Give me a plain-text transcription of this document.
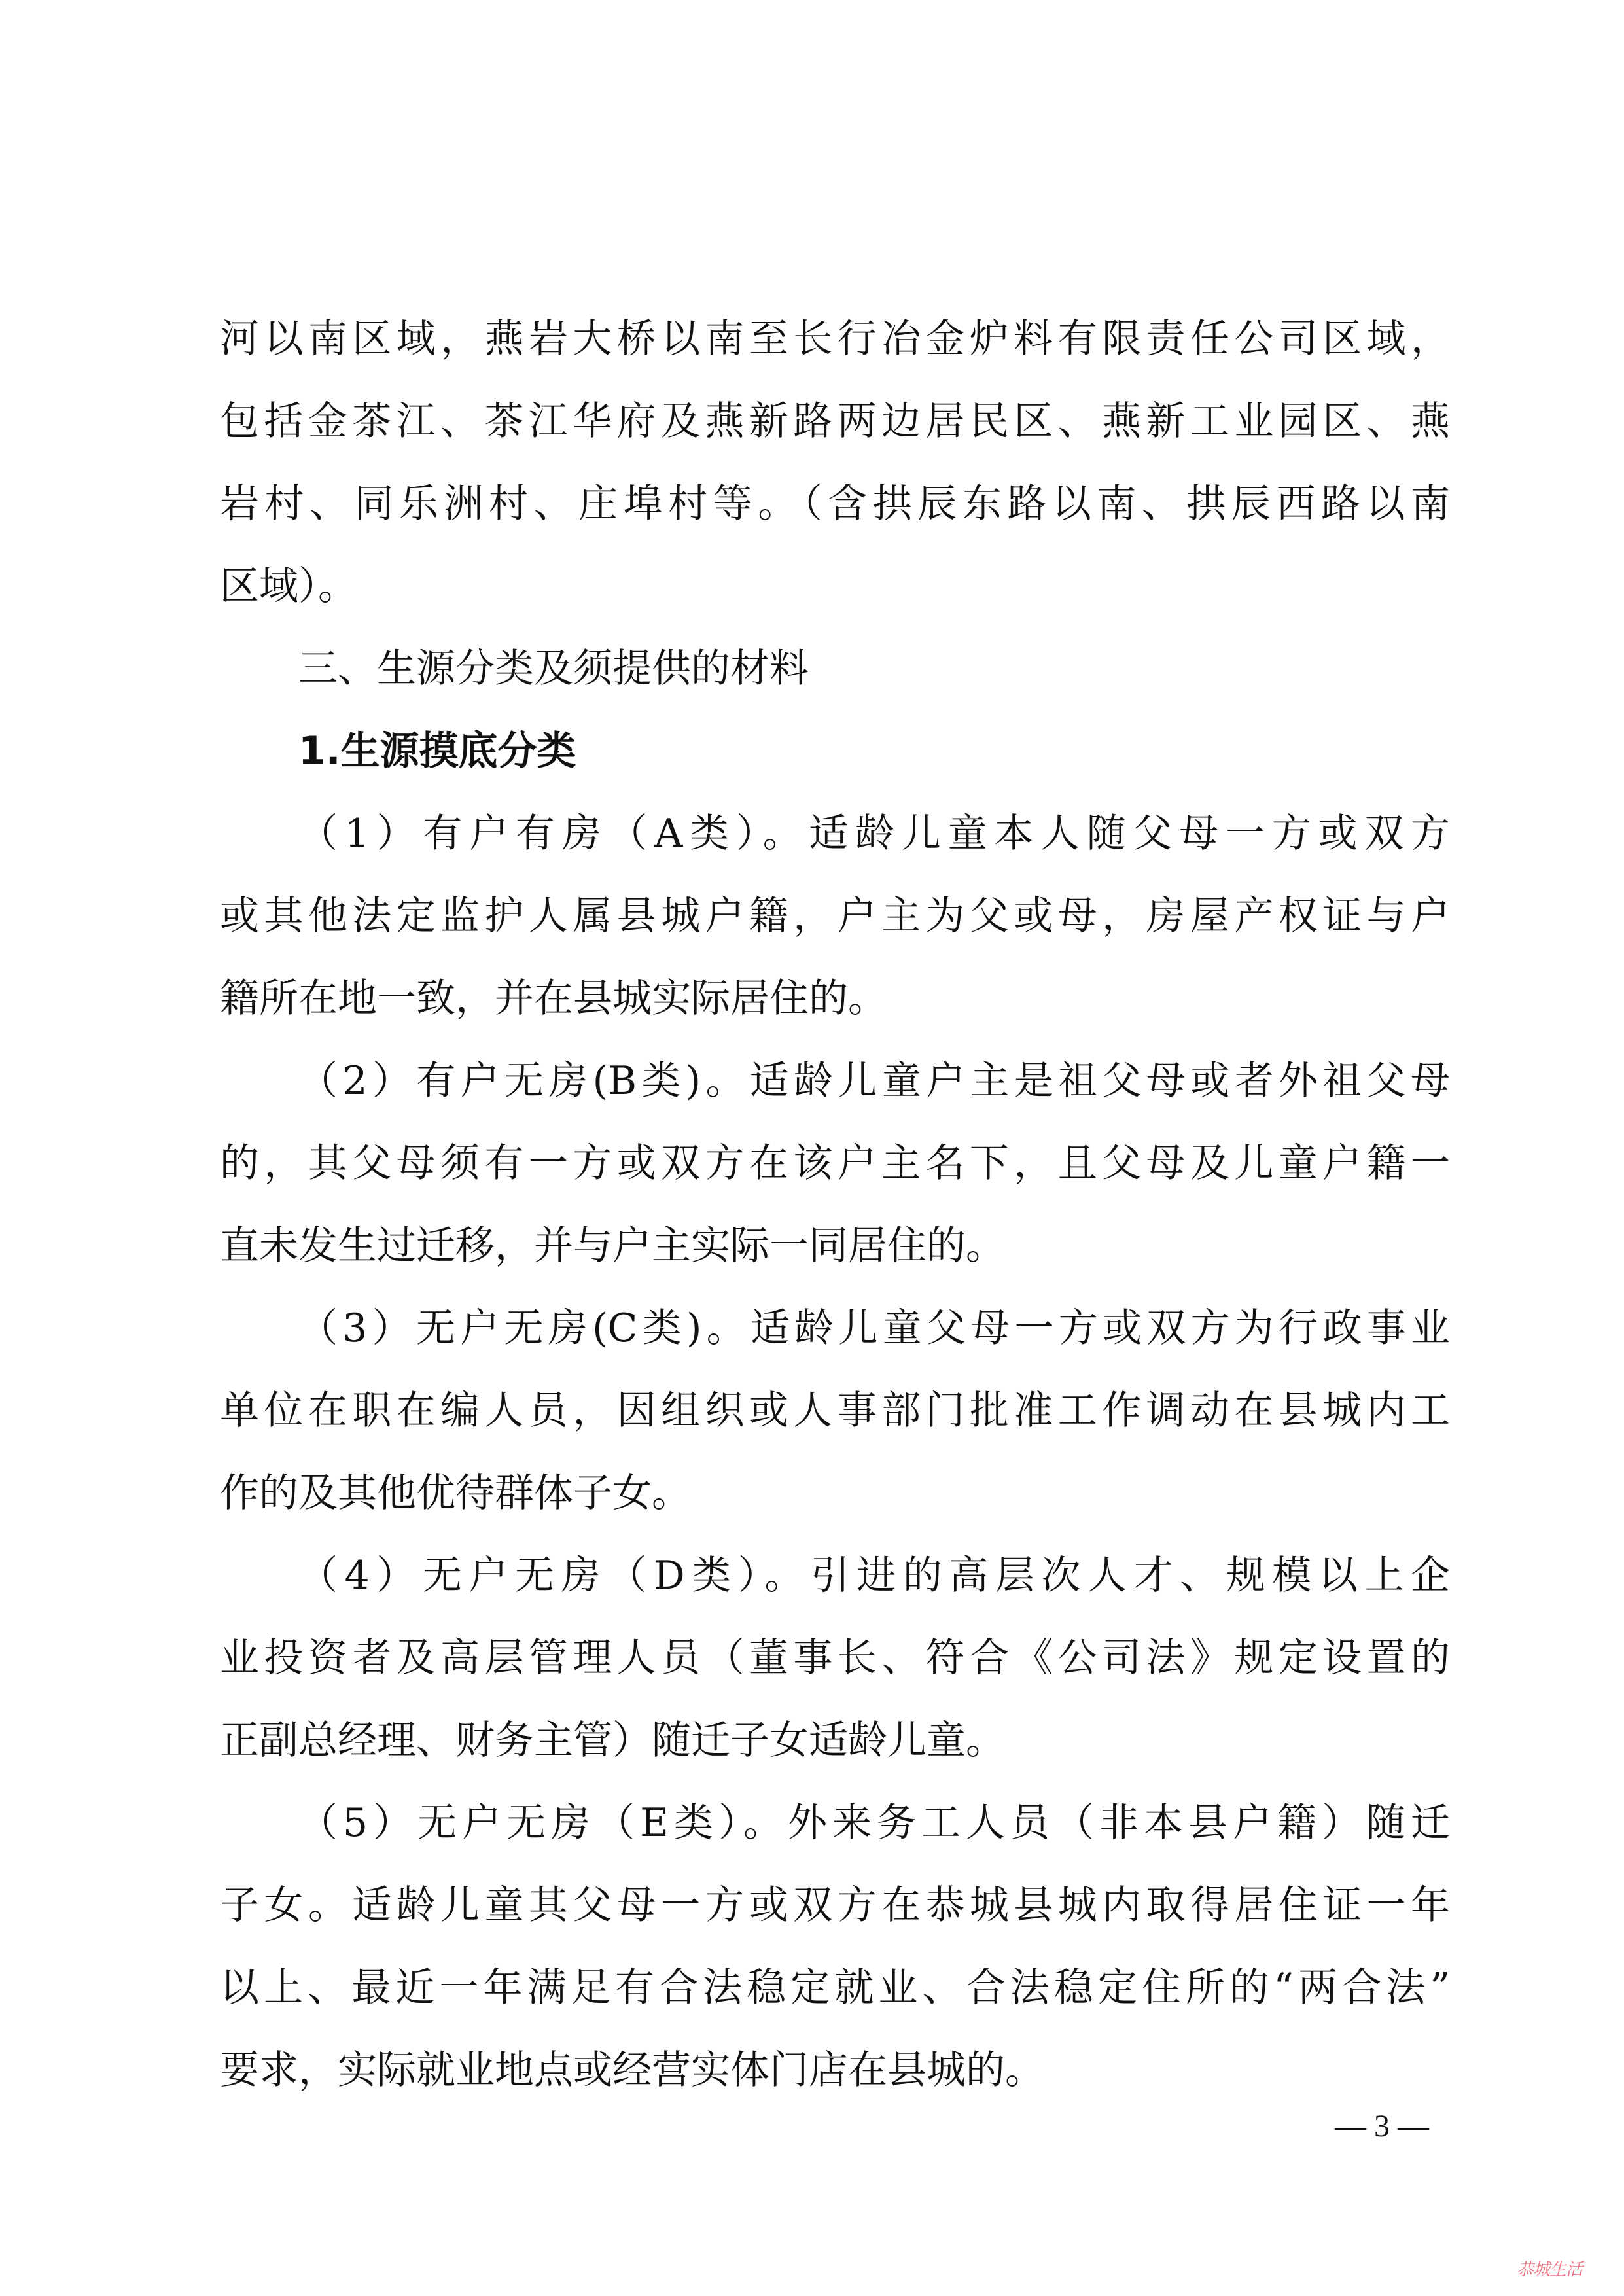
河以南区域，燕岩大桥以南至长行冶金炉料有限责任公司区域，
包括金茶江、茶江华府及燕新路两边居民区、燕新工业园区、燕
岩村、同乐洲村、庄埠村等。（含拱辰东路以南、拱辰西路以南
区域）。
三、生源分类及须提供的材料
1.生源摸底分类
（1）有户有房（A类）。适龄儿童本人随父母一方或双方
或其他法定监护人属县城户籍，户主为父或母，房屋产权证与户
籍所在地一致，并在县城实际居住的。
（2）有户无房(B类)。适龄儿童户主是祖父母或者外祖父母
的，其父母须有一方或双方在该户主名下，且父母及儿童户籍一
直未发生过迁移，并与户主实际一同居住的。
（3）无户无房(C类)。适龄儿童父母一方或双方为行政事业
单位在职在编人员，因组织或人事部门批准工作调动在县城内工
作的及其他优待群体子女。
（4）无户无房（D类）。引进的高层次人才、规模以上企
业投资者及高层管理人员（董事长、符合《公司法》规定设置的
正副总经理、财务主管）随迁子女适龄儿童。
（5）无户无房（E类）。外来务工人员（非本县户籍）随迁
子女。适龄儿童其父母一方或双方在恭城县城内取得居住证一年
以上、最近一年满足有合法稳定就业、合法稳定住所的“两合法”
要求，实际就业地点或经营实体门店在县城的。
— 3 —
恭城生活
